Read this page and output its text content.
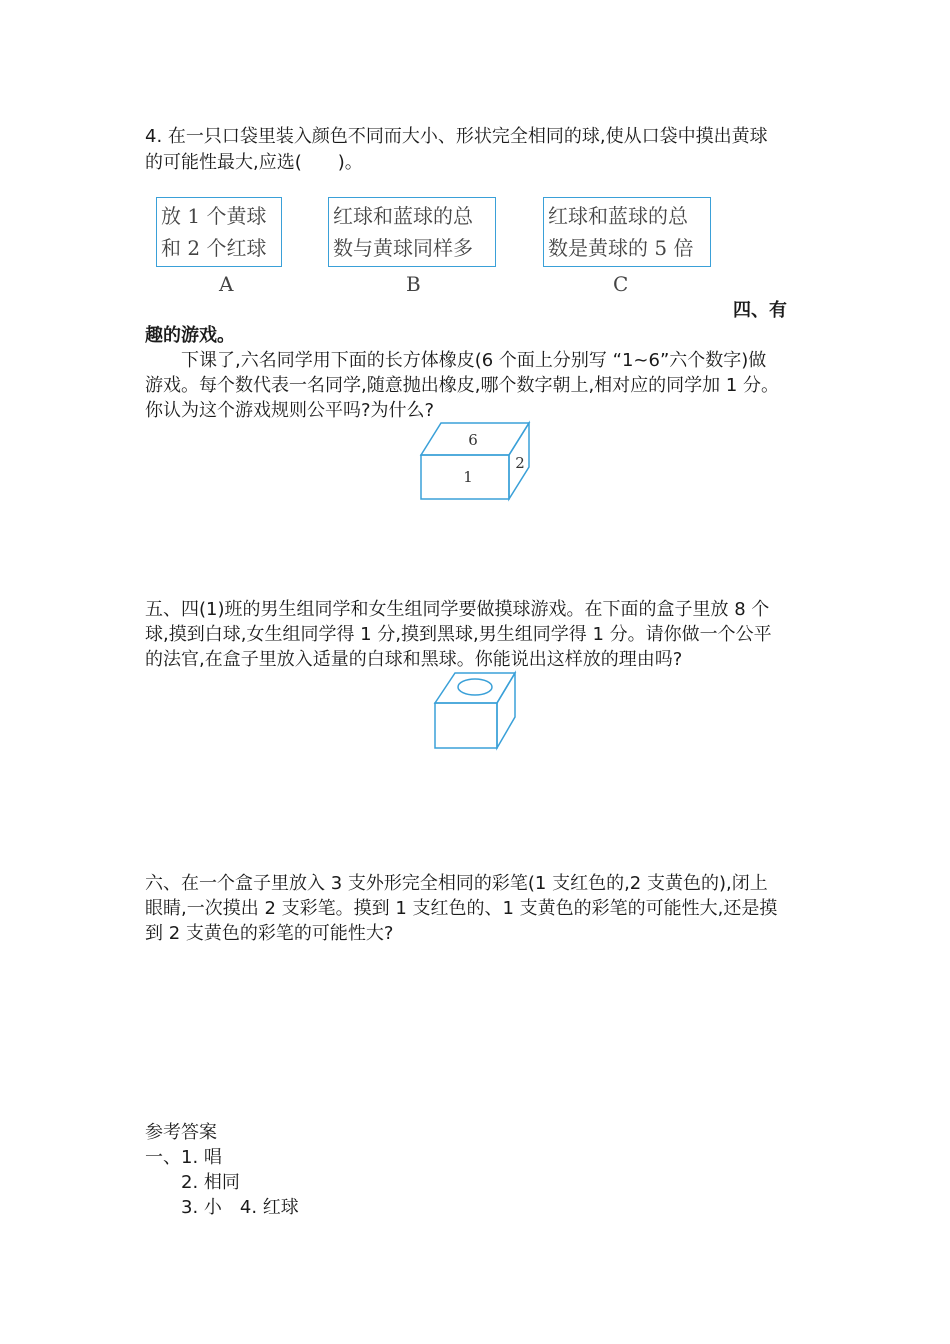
4. 在一只口袋里装入颜色不同而大小、形状完全相同的球,使从口袋中摸出黄球
的可能性最大,应选(　　)。
放 1 个黄球
和 2 个红球
红球和蓝球的总
数与黄球同样多
红球和蓝球的总
数是黄球的 5 倍
A	B	C
四、有
趣的游戏。
下课了,六名同学用下面的长方体橡皮(6 个面上分别写 “1~6”六个数字)做
游戏。每个数代表一名同学,随意抛出橡皮,哪个数字朝上,相对应的同学加 1 分。
你认为这个游戏规则公平吗?为什么?
6
1
2
五、四(1)班的男生组同学和女生组同学要做摸球游戏。在下面的盒子里放 8 个
球,摸到白球,女生组同学得 1 分,摸到黑球,男生组同学得 1 分。请你做一个公平
的法官,在盒子里放入适量的白球和黑球。你能说出这样放的理由吗?
六、在一个盒子里放入 3 支外形完全相同的彩笔(1 支红色的,2 支黄色的),闭上
眼睛,一次摸出 2 支彩笔。摸到 1 支红色的、1 支黄色的彩笔的可能性大,还是摸
到 2 支黄色的彩笔的可能性大?
参考答案
一、1. 唱
2. 相同
3. 小　4. 红球
